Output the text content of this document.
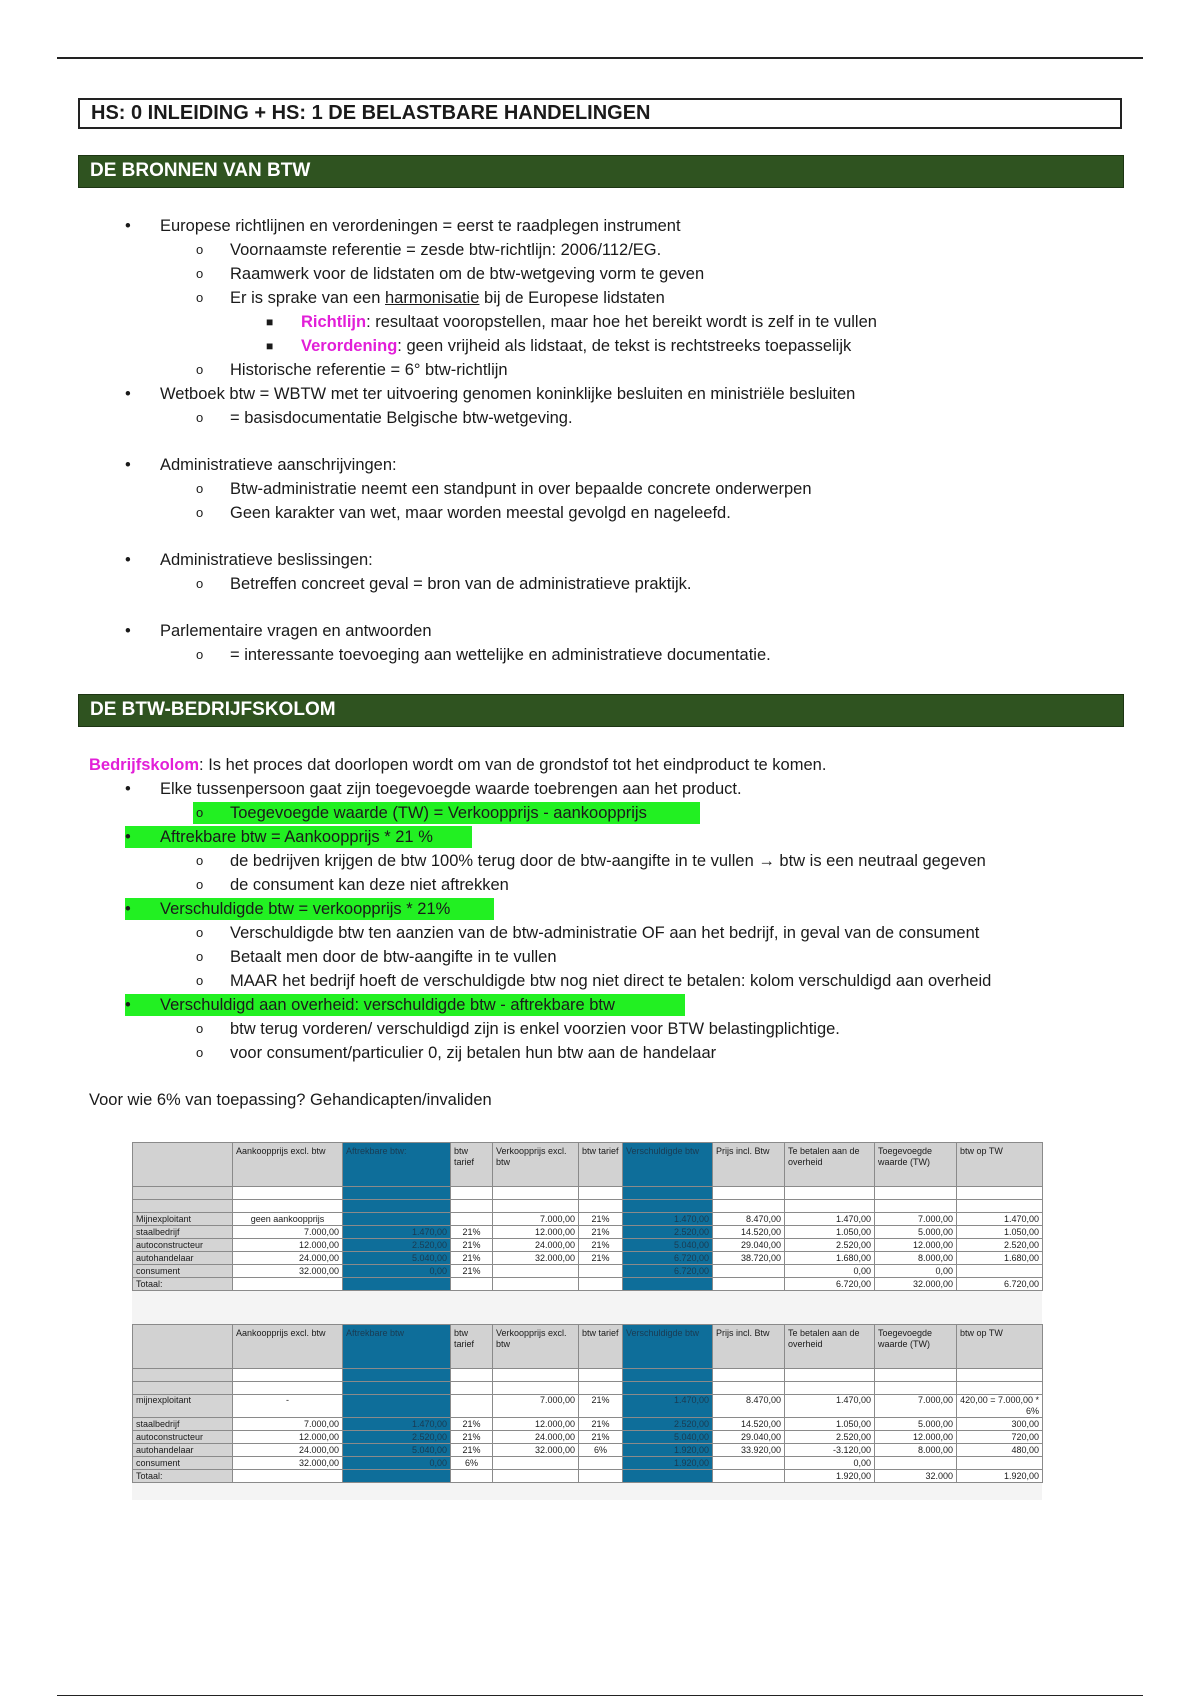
HS: 0 INLEIDING + HS: 1 DE BELASTBARE HANDELINGEN
DE BRONNEN VAN BTW
• Europese richtlijnen en verordeningen = eerst te raadplegen instrument
o Voornaamste referentie = zesde btw-richtlijn: 2006/112/EG.
o Raamwerk voor de lidstaten om de btw-wetgeving vorm te geven
o Er is sprake van een harmonisatie bij de Europese lidstaten
■ Richtlijn: resultaat vooropstellen, maar hoe het bereikt wordt is zelf in te vullen
■ Verordening: geen vrijheid als lidstaat, de tekst is rechtstreeks toepasselijk
o Historische referentie = 6° btw-richtlijn
• Wetboek btw = WBTW met ter uitvoering genomen koninklijke besluiten en ministriële besluiten
o = basisdocumentatie Belgische btw-wetgeving.
• Administratieve aanschrijvingen:
o Btw-administratie neemt een standpunt in over bepaalde concrete onderwerpen
o Geen karakter van wet, maar worden meestal gevolgd en nageleefd.
• Administratieve beslissingen:
o Betreffen concreet geval = bron van de administratieve praktijk.
• Parlementaire vragen en antwoorden
o = interessante toevoeging aan wettelijke en administratieve documentatie.
DE BTW-BEDRIJFSKOLOM
Bedrijfskolom: Is het proces dat doorlopen wordt om van de grondstof tot het eindproduct te komen.
• Elke tussenpersoon gaat zijn toegevoegde waarde toebrengen aan het product.
o Toegevoegde waarde (TW) = Verkoopprijs - aankoopprijs
• Aftrekbare btw = Aankoopprijs * 21 %
o de bedrijven krijgen de btw 100% terug door de btw-aangifte in te vullen → btw is een neutraal gegeven
o de consument kan deze niet aftrekken
• Verschuldigde btw = verkoopprijs * 21%
o Verschuldigde btw ten aanzien van de btw-administratie OF aan het bedrijf, in geval van de consument
o Betaalt men door de btw-aangifte in te vullen
o MAAR het bedrijf hoeft de verschuldigde btw nog niet direct te betalen: kolom verschuldigd aan overheid
• Verschuldigd aan overheid: verschuldigde btw - aftrekbare btw
o btw terug vorderen/ verschuldigd zijn is enkel voorzien voor BTW belastingplichtige.
o voor consument/particulier 0, zij betalen hun btw aan de handelaar
Voor wie 6% van toepassing? Gehandicapten/invaliden
	Aankoopprijs excl. btw	Aftrekbare btw:	btw tarief	Verkoopprijs excl. btw	btw tarief	Verschuldigde btw	Prijs incl. Btw	Te betalen aan de overheid	Toegevoegde waarde (TW)	btw op TW

Mijnexploitant	geen aankoopprijs			7.000,00	21%	1.470,00	8.470,00	1.470,00	7.000,00	1.470,00
staalbedrijf	7.000,00	1.470,00	21%	12.000,00	21%	2.520,00	14.520,00	1.050,00	5.000,00	1.050,00
autoconstructeur	12.000,00	2.520,00	21%	24.000,00	21%	5.040,00	29.040,00	2.520,00	12.000,00	2.520,00
autohandelaar	24.000,00	5.040,00	21%	32.000,00	21%	6.720,00	38.720,00	1.680,00	8.000,00	1.680,00
consument	32.000,00	0,00	21%			6.720,00		0,00	0,00	
Totaal:								6.720,00	32.000,00	6.720,00
	Aankoopprijs excl. btw	Aftrekbare btw	btw tarief	Verkoopprijs excl. btw	btw tarief	Verschuldigde btw	Prijs incl. Btw	Te betalen aan de overheid	Toegevoegde waarde (TW)	btw op TW

mijnexploitant	-			7.000,00	21%	1.470,00	8.470,00	1.470,00	7.000,00	420,00 = 7.000,00 * 6%
staalbedrijf	7.000,00	1.470,00	21%	12.000,00	21%	2.520,00	14.520,00	1.050,00	5.000,00	300,00
autoconstructeur	12.000,00	2.520,00	21%	24.000,00	21%	5.040,00	29.040,00	2.520,00	12.000,00	720,00
autohandelaar	24.000,00	5.040,00	21%	32.000,00	6%	1.920,00	33.920,00	-3.120,00	8.000,00	480,00
consument	32.000,00	0,00	6%			1.920,00		0,00		
Totaal:								1.920,00	32.000	1.920,00
